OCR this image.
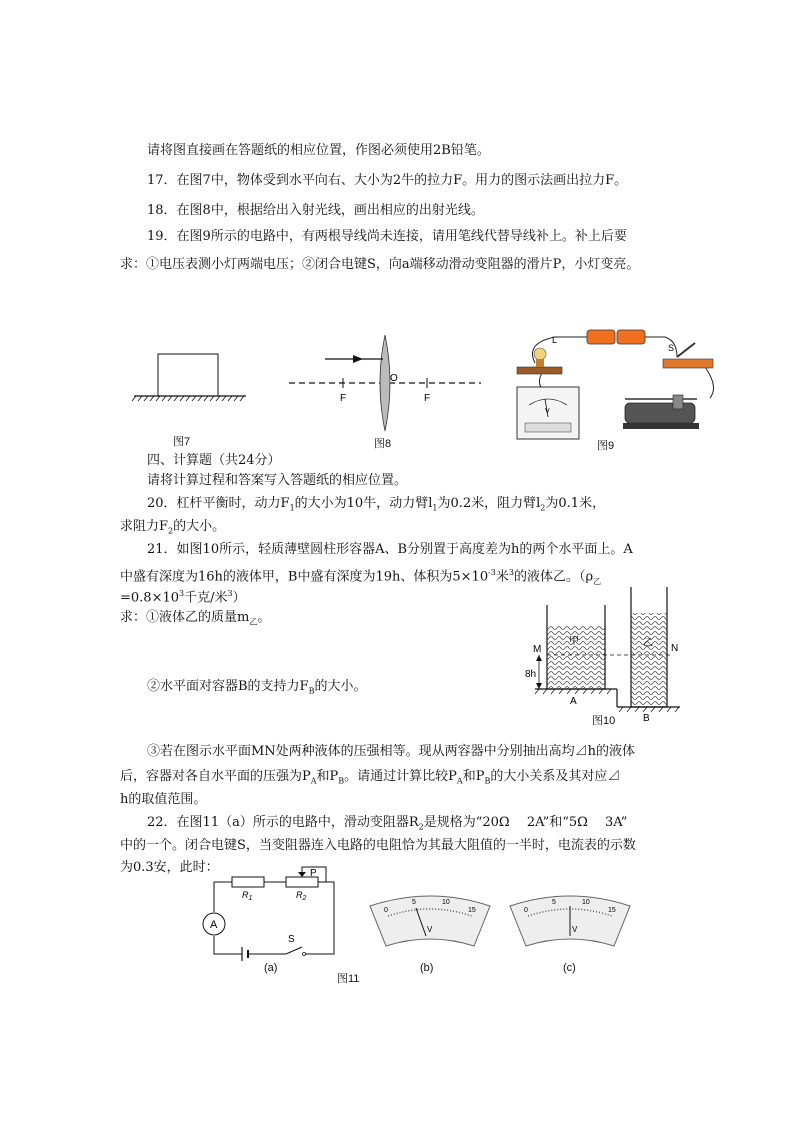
请将图直接画在答题纸的相应位置，作图必须使用2B铅笔。
17．在图7中，物体受到水平向右、大小为2牛的拉力F。用力的图示法画出拉力F。
18．在图8中，根据给出入射光线，画出相应的出射光线。
19．在图9所示的电路中，有两根导线尚未连接，请用笔线代替导线补上。补上后要
求：①电压表测小灯两端电压；②闭合电键S，向a端移动滑动变阻器的滑片P，小灯变亮。
图7
O
F	F
图8
L
S
V
图9
四、计算题（共24分）
请将计算过程和答案写入答题纸的相应位置。
20．杠杆平衡时，动力$F_1$的大小为10牛，动力臂$l_1$为0.2米，阻力臂$l_2$为0.1米，
求阻力$F_2$的大小。
21．如图10所示，轻质薄壁圆柱形容器A、B分别置于高度差为h的两个水平面上。A
中盛有深度为16h的液体甲，B中盛有深度为19h、体积为$5\times 10^{-3}$米$^3$的液体乙。（$\rho_乙$
$=0.8\times 10^3$千克/米$^3$）
求：①液体乙的质量$m_乙$。
②水平面对容器B的支持力$F_B$的大小。
M	N
甲	乙
8h
A
B
图10
③若在图示水平面MN处两种液体的压强相等。现从两容器中分别抽出高均⊿h的液体
后，容器对各自水平面的压强为$P_A$和$P_B$。请通过计算比较$P_A$和$P_B$的大小关系及其对应⊿
h的取值范围。
22．在图11（a）所示的电路中，滑动变阻器$R_2$是规格为“20Ω　 2A”和“5Ω　 3A”
中的一个。闭合电键S，当变阻器连入电路的电阻恰为其最大阻值的一半时，电流表的示数
为0.3安，此时：
A
$R_1$	$R_2$
P
S
(a)
0
5	10
15
V
(b)
0
5	10
15
V
(c)
图11
